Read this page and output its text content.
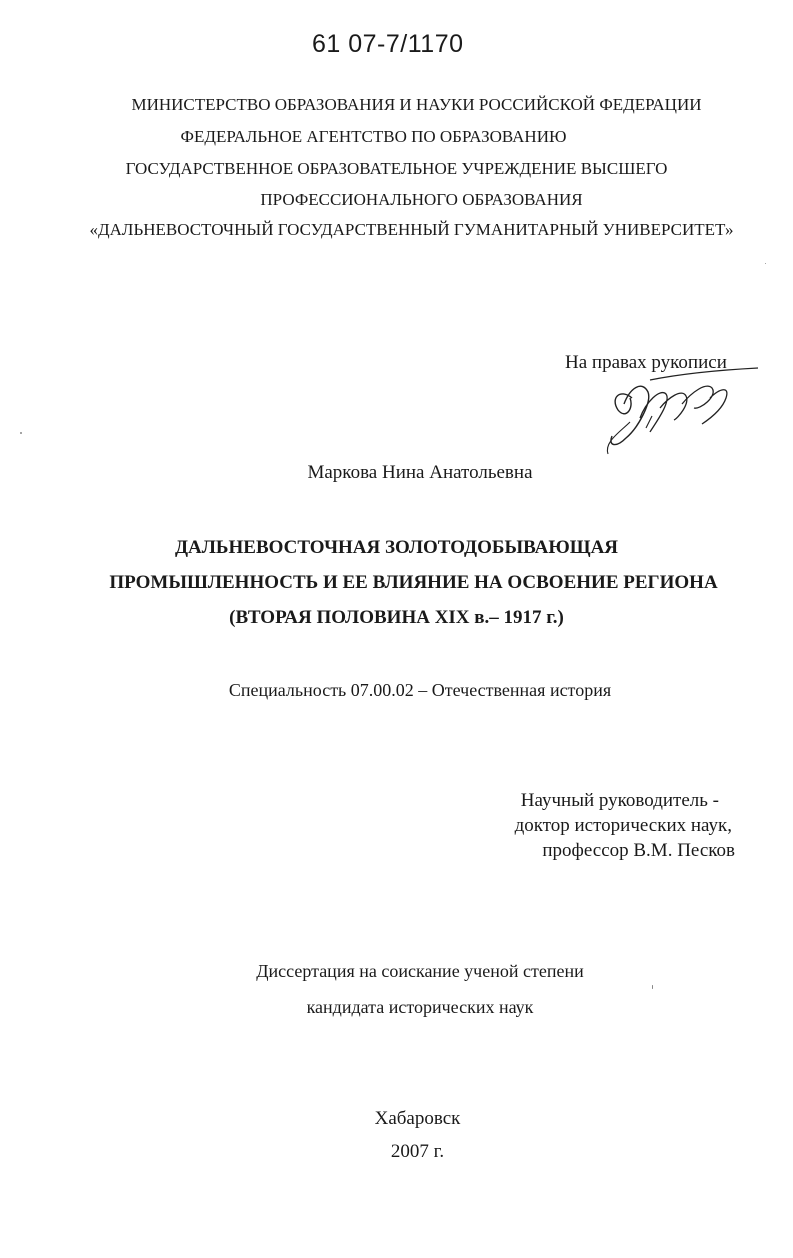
61 07-7/1170
МИНИСТЕРСТВО ОБРАЗОВАНИЯ И НАУКИ РОССИЙСКОЙ ФЕДЕРАЦИИ
ФЕДЕРАЛЬНОЕ АГЕНТСТВО ПО ОБРАЗОВАНИЮ
ГОСУДАРСТВЕННОЕ ОБРАЗОВАТЕЛЬНОЕ УЧРЕЖДЕНИЕ ВЫСШЕГО
ПРОФЕССИОНАЛЬНОГО ОБРАЗОВАНИЯ
«ДАЛЬНЕВОСТОЧНЫЙ ГОСУДАРСТВЕННЫЙ ГУМАНИТАРНЫЙ УНИВЕРСИТЕТ»
На правах рукописи
Маркова Нина Анатольевна
ДАЛЬНЕВОСТОЧНАЯ ЗОЛОТОДОБЫВАЮЩАЯ
ПРОМЫШЛЕННОСТЬ И ЕЕ ВЛИЯНИЕ НА ОСВОЕНИЕ РЕГИОНА
(ВТОРАЯ ПОЛОВИНА XIX в.– 1917 г.)
Специальность 07.00.02 – Отечественная история
Научный руководитель -
доктор исторических наук,
профессор В.М. Песков
Диссертация на соискание ученой степени
кандидата исторических наук
Хабаровск
2007 г.
